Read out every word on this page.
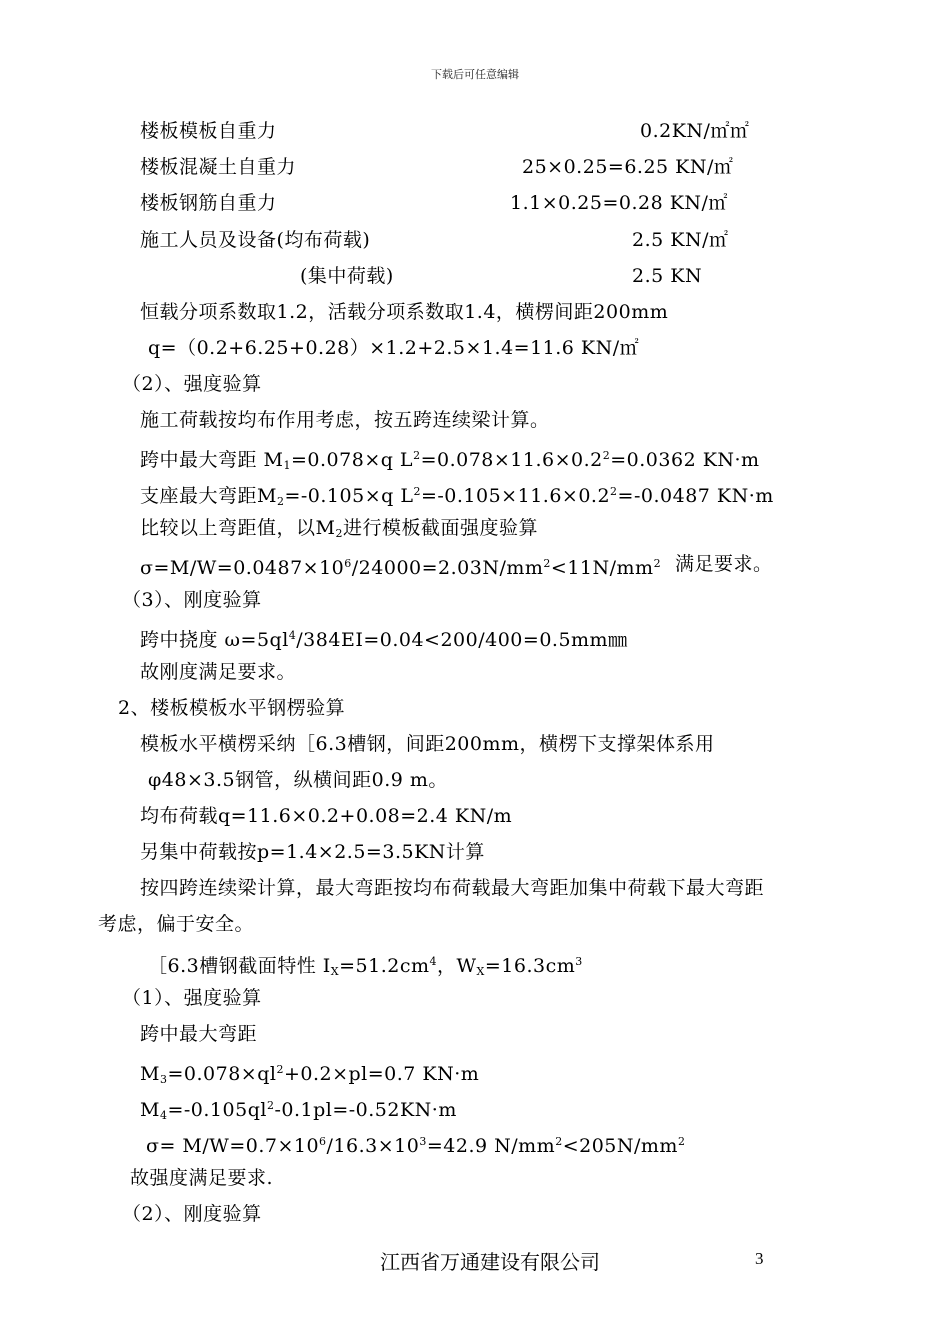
下载后可任意编辑
楼板模板自重力	0.2KN/㎡㎡
楼板混凝土自重力	25×0.25=6.25 KN/㎡
楼板钢筋自重力	1.1×0.25=0.28 KN/㎡
施工人员及设备(均布荷载)	2.5 KN/㎡
(集中荷载)	2.5 KN
恒载分项系数取1.2，活载分项系数取1.4，横楞间距200mm
q=（0.2+6.25+0.28）×1.2+2.5×1.4=11.6 KN/㎡
（2）、强度验算
施工荷载按均布作用考虑，按五跨连续梁计算。
跨中最大弯距 $M_1=0.078\times q$ $L^2=0.078\times 11.6\times 0.2^2=0.0362$ KN·m
支座最大弯距$M_2=-0.105\times q$ $L^2=-0.105\times 11.6\times 0.2^2=-0.0487$ KN·m
比较以上弯距值，以$M_2$进行模板截面强度验算
$\sigma=M/W=0.0487\times 10^6/24000=2.03N/mm^2<11N/mm^2$ 满足要求。
（3）、刚度验算
跨中挠度 $\omega=5ql^4/384EI=0.04<200/400=0.5mm㎜$
故刚度满足要求。
2、楼板模板水平钢楞验算
模板水平横楞采纳［6.3槽钢，间距200mm，横楞下支撑架体系用
φ48×3.5钢管，纵横间距0.9 m。
均布荷载q=11.6×0.2+0.08=2.4 KN/m
另集中荷载按p=1.4×2.5=3.5KN计算
按四跨连续梁计算，最大弯距按均布荷载最大弯距加集中荷载下最大弯距
考虑，偏于安全。
［6.3槽钢截面特性 $I_X=51.2cm^4$，$W_X=16.3cm^3$
（1）、强度验算
跨中最大弯距
$M_3=0.078\times ql^2+0.2\times pl=0.7$ KN·m
$M_4=-0.105ql^2-0.1pl=-0.52KN\cdot m$
$\sigma= M/W=0.7\times 10^6/16.3\times 10^3=42.9$ $N/mm^2<205N/mm^2$
故强度满足要求.
（2）、刚度验算
江西省万通建设有限公司	3
